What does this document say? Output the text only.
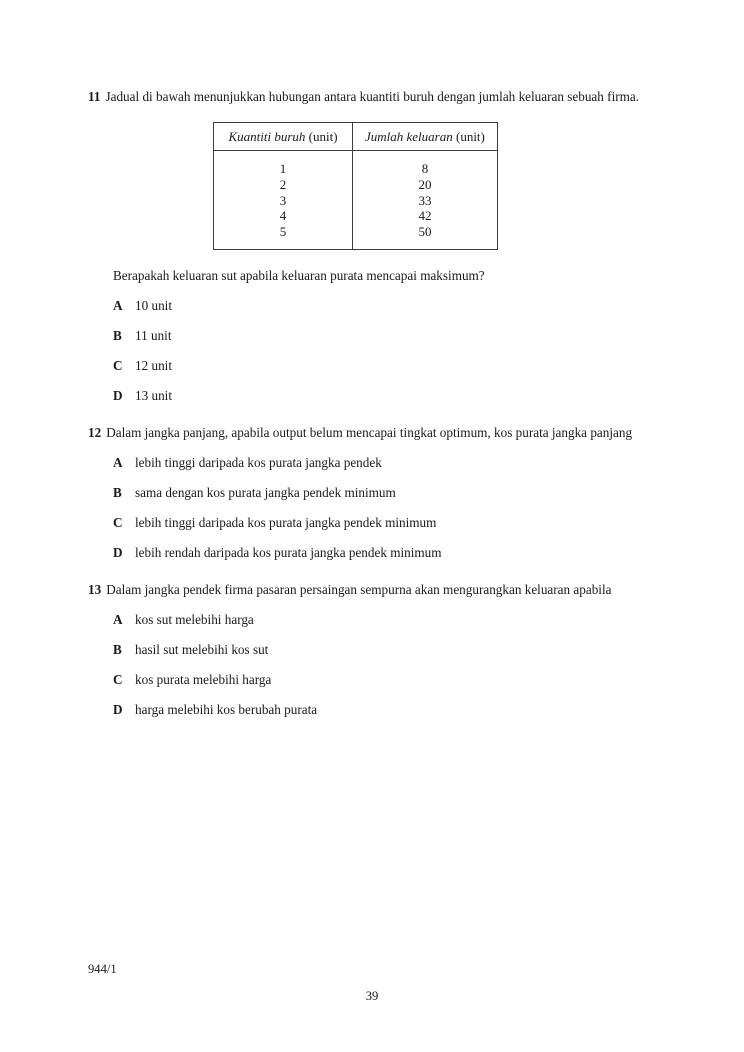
11 Jadual di bawah menunjukkan hubungan antara kuantiti buruh dengan jumlah keluaran sebuah firma.

Kuantiti buruh (unit)	Jumlah keluaran (unit)
1	8
2	20
3	33
4	42
5	50

Berapakah keluaran sut apabila keluaran purata mencapai maksimum?

A 10 unit
B	11 unit
C 12 unit
D 13 unit

12 Dalam jangka panjang, apabila output belum mencapai tingkat optimum, kos purata jangka panjang

A lebih tinggi daripada kos purata jangka pendek
B	sama dengan kos purata jangka pendek minimum
C lebih tinggi daripada kos purata jangka pendek minimum
D lebih rendah daripada kos purata jangka pendek minimum

13 Dalam jangka pendek firma pasaran persaingan sempurna akan mengurangkan keluaran apabila

A kos sut melebihi harga
B	hasil sut melebihi kos sut
C kos purata melebihi harga
D harga melebihi kos berubah purata
944/1
39
